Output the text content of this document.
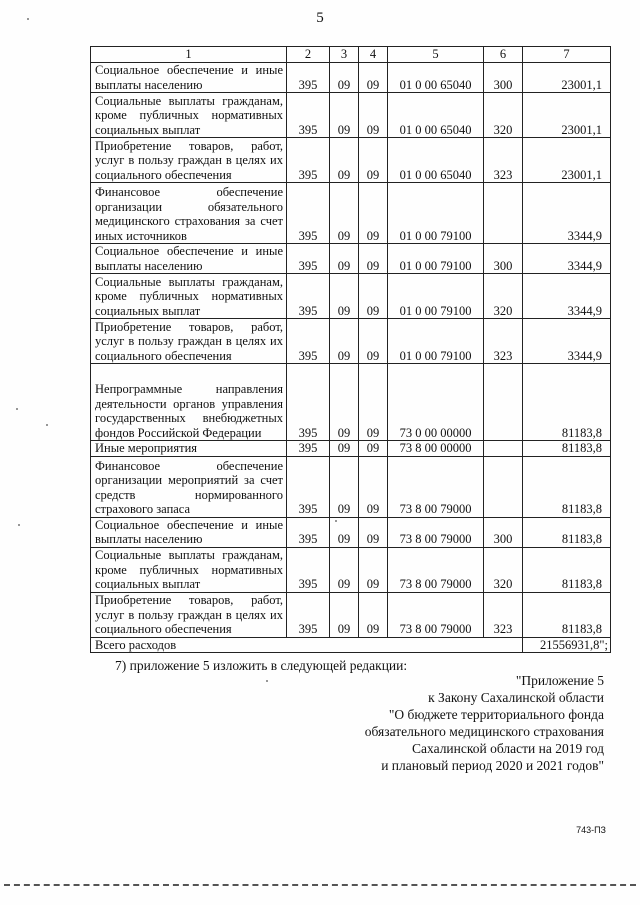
5
1	2	3	4	5	6	7
Социальное обеспечение и иные выплаты населению	395	09	09	01 0 00 65040	300	23001,1
Социальные выплаты гражданам, кроме публичных нормативных социальных выплат	395	09	09	01 0 00 65040	320	23001,1
Приобретение товаров, работ, услуг в пользу граждан в целях их социального обеспечения	395	09	09	01 0 00 65040	323	23001,1
Финансовое обеспечение организации обязательного медицинского страхования за счет иных источников	395	09	09	01 0 00 79100		3344,9
Социальное обеспечение и иные выплаты населению	395	09	09	01 0 00 79100	300	3344,9
Социальные выплаты гражданам, кроме публичных нормативных социальных выплат	395	09	09	01 0 00 79100	320	3344,9
Приобретение товаров, работ, услуг в пользу граждан в целях их социального обеспечения	395	09	09	01 0 00 79100	323	3344,9
Непрограммные направления деятельности органов управления государственных внебюджетных фондов Российской Федерации	395	09	09	73 0 00 00000		81183,8
Иные мероприятия	395	09	09	73 8 00 00000		81183,8
Финансовое обеспечение организации мероприятий за счет средств нормированного страхового запаса	395	09	09	73 8 00 79000		81183,8
Социальное обеспечение и иные выплаты населению	395	09	09	73 8 00 79000	300	81183,8
Социальные выплаты гражданам, кроме публичных нормативных социальных выплат	395	09	09	73 8 00 79000	320	81183,8
Приобретение товаров, работ, услуг в пользу граждан в целях их социального обеспечения	395	09	09	73 8 00 79000	323	81183,8
Всего расходов						21556931,8";
7) приложение 5 изложить в следующей редакции:
"Приложение 5
к Закону Сахалинской области
"О бюджете территориального фонда
обязательного медицинского страхования
Сахалинской области на 2019 год
и плановый период 2020 и 2021 годов"
743-ПЗ
